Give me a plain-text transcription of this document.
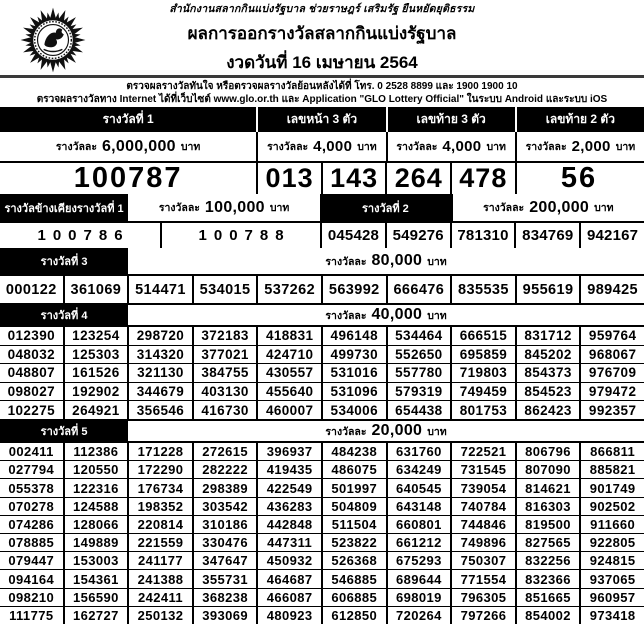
สำนักงานสลากกินแบ่งรัฐบาล ช่วยราษฎร์ เสริมรัฐ ยืนหยัดยุติธรรม
ผลการออกรางวัลสลากกินแบ่งรัฐบาล
งวดวันที่ 16 เมษายน 2564
ตรวจผลรางวัลทันใจ หรือตรวจผลรางวัลย้อนหลังได้ที่ โทร. 0 2528 8899 และ 1900 1900 10
ตรวจผลรางวัลทาง Internet ได้ที่เว็บไซต์ www.glo.or.th และ Application "GLO Lottery Official" ในระบบ Android และระบบ iOS
รางวัลที่ 1	เลขหน้า 3 ตัว	เลขท้าย 3 ตัว	เลขท้าย 2 ตัว
รางวัลละ 6,000,000 บาท	รางวัลละ 4,000 บาท รางวัลละ 4,000 บาท รางวัลละ 2,000 บาท
100787	013 143 264 478	56
รางวัลข้างเคียงรางวัลที่ 1	รางวัลละ 100,000 บาท	รางวัลที่ 2	รางวัลละ 200,000 บาท
100786	100788	045428 549276 781310 834769 942167
รางวัลที่ 3	รางวัลละ 80,000 บาท
000122 361069 514471 534015 537262 563992 666476 835535 955619 989425
รางวัลที่ 4	รางวัลละ 40,000 บาท
012390	123254	298720	372183	418831	496148	534464	666515	831712	959764
048032	125303	314320	377021	424710	499730	552650	695859	845202	968067
048807	161526	321130	384755	430557	531016	557780	719803	854373	976709
098027	192902	344679	403130	455640	531096	579319	749459	854523	979472
102275	264921	356546	416730	460007	534006	654438	801753	862423	992357
รางวัลที่ 5	รางวัลละ 20,000 บาท
002411	112386	171228	272615	396937	484238	631760	722521	806796	866811
027794	120550	172290	282222	419435	486075	634249	731545	807090	885821
055378	122316	176734	298389	422549	501997	640545	739054	814621	901749
070278	124588	198352	303542	436283	504809	643148	740784	816303	902502
074286	128066	220814	310186	442848	511504	660801	744846	819500	911660
078885	149889	221559	330476	447311	523822	661212	749896	827565	922805
079447	153003	241177	347647	450932	526368	675293	750307	832256	924815
094164	154361	241388	355731	464687	546885	689644	771554	832366	937065
098210	156590	242411	368238	466087	606885	698019	796305	851665	960957
111775	162727	250132	393069	480923	612850	720264	797266	854002	973418
